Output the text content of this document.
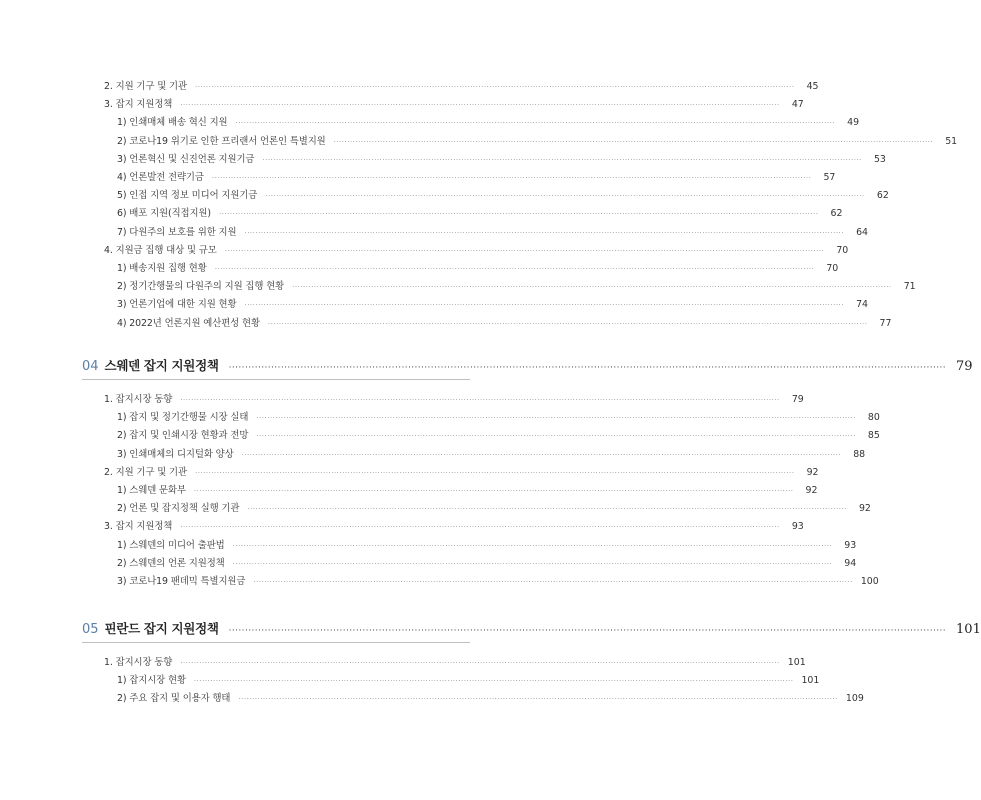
2. 지원 기구 및 기관 ····························································································································································································································	45
3. 잡지 지원정책 ····························································································································································································································	47
1) 인쇄매체 배송 혁신 지원 ····························································································································································································································	49
2) 코로나19 위기로 인한 프리랜서 언론인 특별지원 ····························································································································································································································	51
3) 언론혁신 및 신진언론 지원기금 ····························································································································································································································	53
4) 언론발전 전략기금 ····························································································································································································································	57
5) 인접 지역 정보 미디어 지원기금 ····························································································································································································································	62
6) 배포 지원(직접지원) ····························································································································································································································	62
7) 다원주의 보호를 위한 지원 ····························································································································································································································	64
4. 지원금 집행 대상 및 규모 ····························································································································································································································	70
1) 배송지원 집행 현황 ····························································································································································································································	70
2) 정기간행물의 다원주의 지원 집행 현황 ····························································································································································································································	71
3) 언론기업에 대한 지원 현황 ····························································································································································································································	74
4) 2022년 언론지원 예산편성 현황 ····························································································································································································································	77
04 스웨덴 잡지 지원정책 ···························································································································································································································· 79
1. 잡지시장 동향 ····························································································································································································································	79
1) 잡지 및 정기간행물 시장 실태 ····························································································································································································································	80
2) 잡지 및 인쇄시장 현황과 전망 ····························································································································································································································	85
3) 인쇄매체의 디지털화 양상 ····························································································································································································································	88
2. 지원 기구 및 기관 ····························································································································································································································	92
1) 스웨덴 문화부 ····························································································································································································································	92
2) 언론 및 잡지정책 실행 기관 ····························································································································································································································	92
3. 잡지 지원정책 ····························································································································································································································	93
1) 스웨덴의 미디어 출판법 ····························································································································································································································	93
2) 스웨덴의 언론 지원정책 ····························································································································································································································	94
3) 코로나19 팬데믹 특별지원금 ···························································································································································································································· 100
05 핀란드 잡지 지원정책 ···························································································································································································································· 101
1. 잡지시장 동향 ···························································································································································································································· 101
1) 잡지시장 현황 ···························································································································································································································· 101
2) 주요 잡지 및 이용자 행태 ···························································································································································································································· 109
